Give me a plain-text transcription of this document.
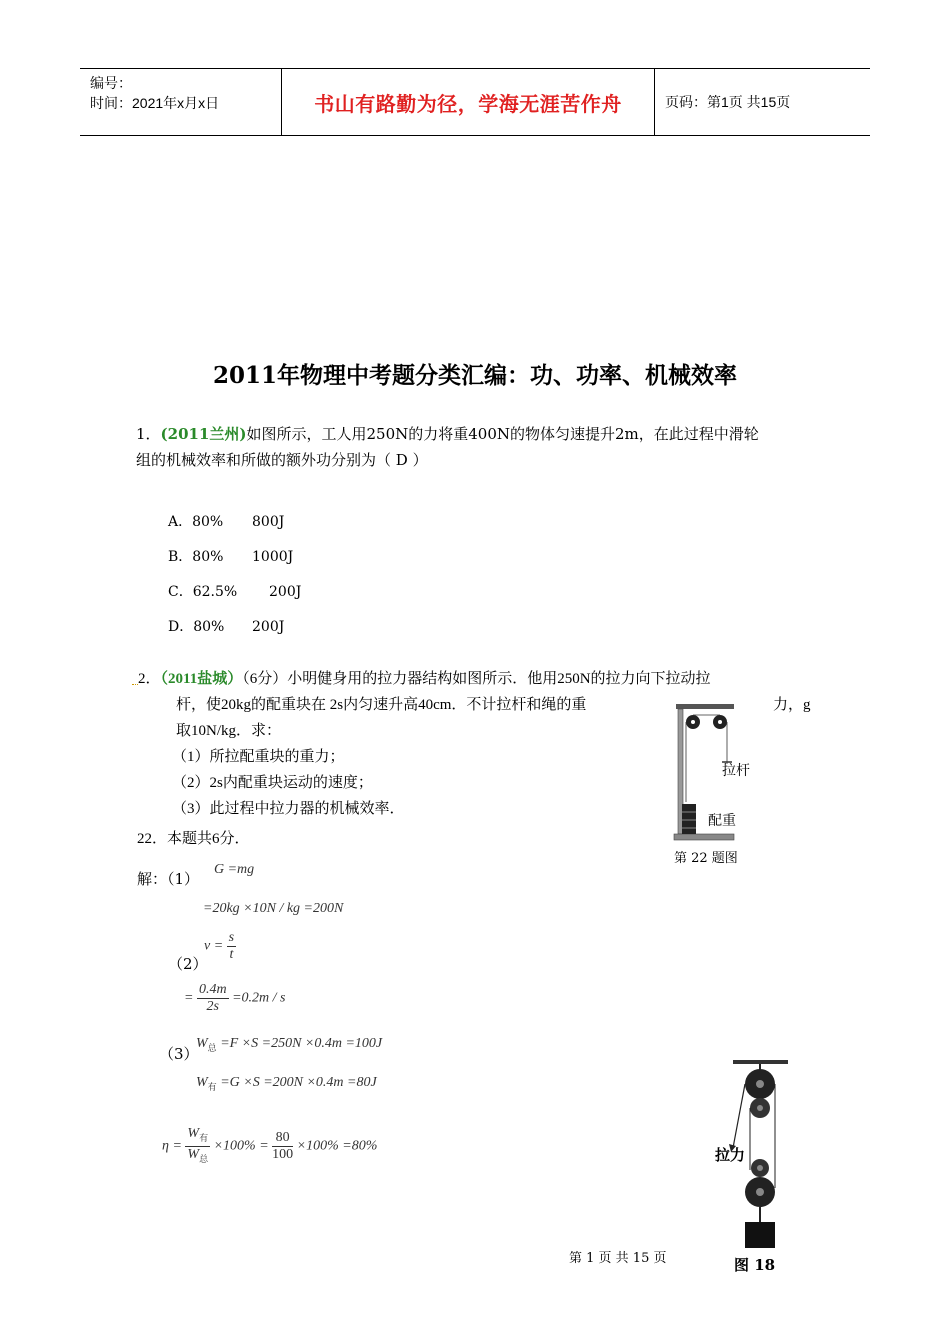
编号：
时间：2021年x月x日	书山有路勤为径，学海无涯苦作舟	页码：第1页 共15页
2011年物理中考题分类汇编：功、功率、机械效率
1．(2011兰州)如图所示，工人用250N的力将重400N的物体匀速提升2m，在此过程中滑轮
组的机械效率和所做的额外功分别为（ D ）
A．80% 800J
B．80% 1000J
C．62.5% 200J
D．80% 200J
2．（2011盐城）（6分）小明健身用的拉力器结构如图所示．他用250N的拉力向下拉动拉
杆，使20kg的配重块在 2s内匀速升高40cm．不计拉杆和绳的重	力，g
取10N/kg．求：
（1）所拉配重块的重力；
（2）2s内配重块运动的速度；
（3）此过程中拉力器的机械效率．
拉杆
配重
第 22 题图
22．本题共6分．
解：（1）
G =mg
=20kg ×10N / kg =200N
（2）
$v = \frac{s}{t}$
= $\frac{0.4m}{2s} =0.2m / s$
（3）
$W_总 =F \times S =250N \times 0.4m =100J$
$W_有 =G \times S =200N \times 0.4m =80J$
$\eta = \frac{W_有}{W_总} \times 100\% = \frac{80}{100} \times 100\% =80\%$	拉力
图 18
第 1 页 共 15 页
